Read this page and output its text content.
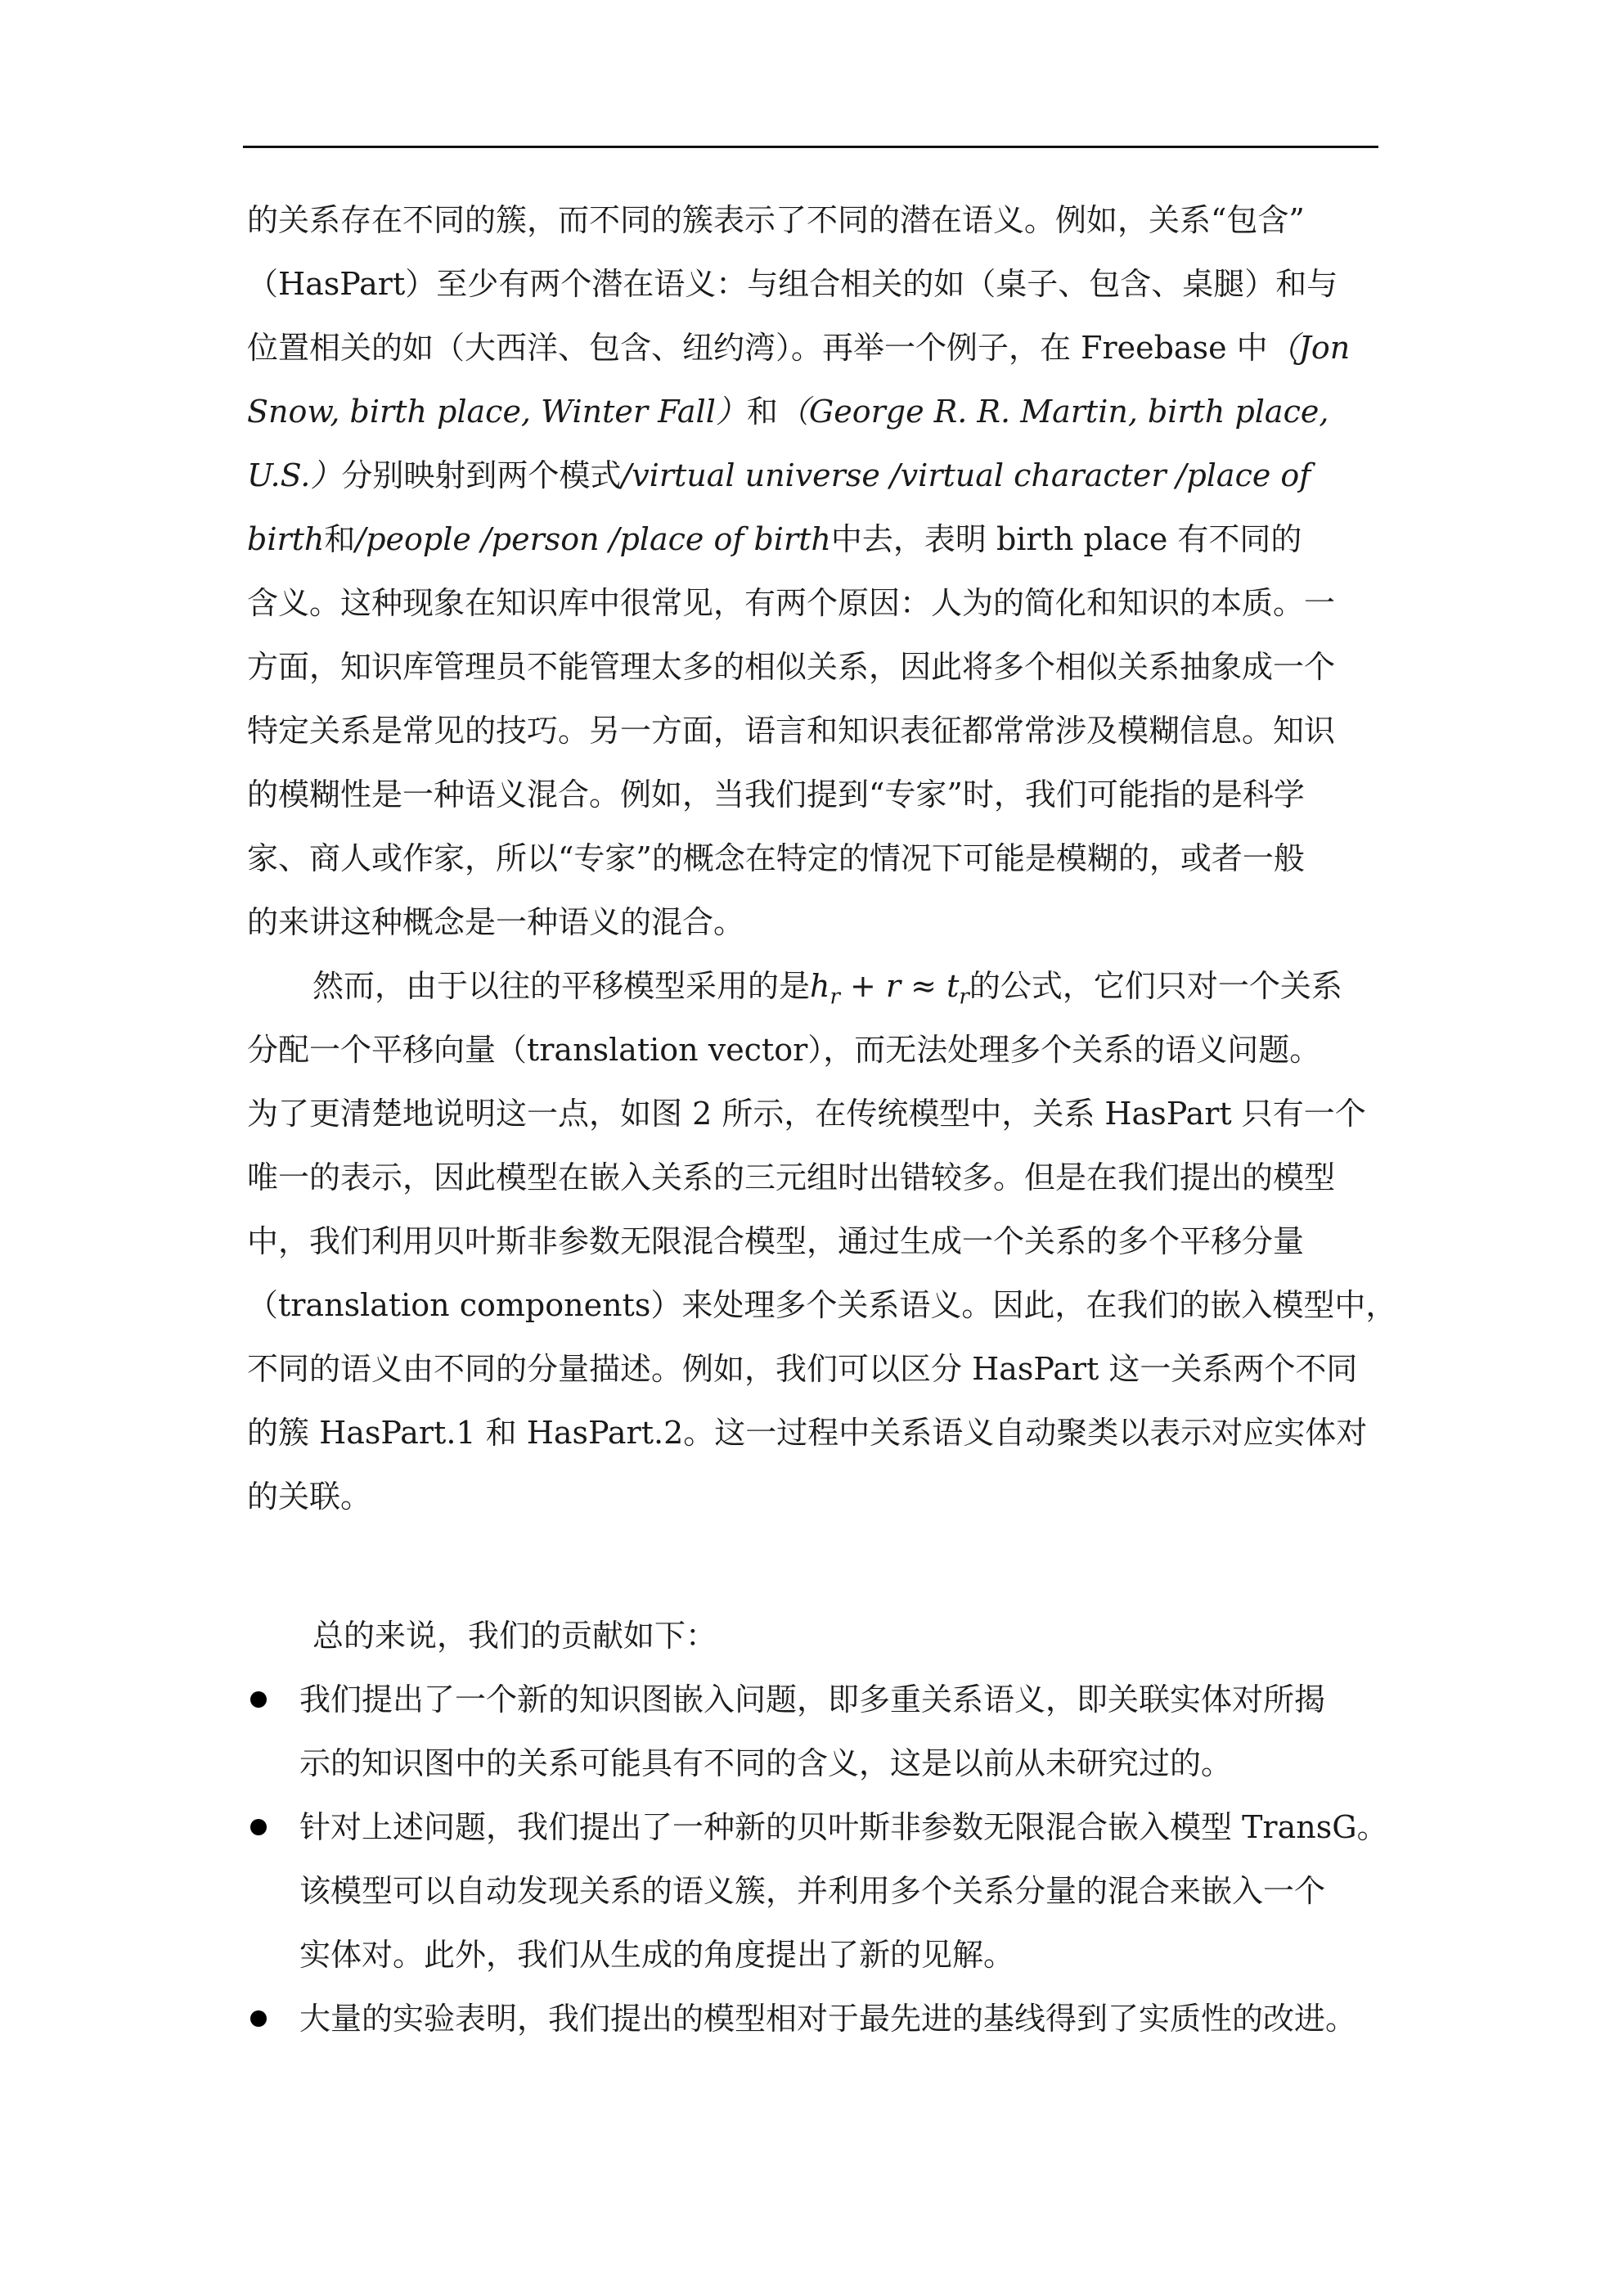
的关系存在不同的簇，而不同的簇表示了不同的潜在语义。例如，关系“包含”
（HasPart）至少有两个潜在语义：与组合相关的如（桌子、包含、桌腿）和与
位置相关的如（大西洋、包含、纽约湾）。再举一个例子，在 Freebase 中（Jon
Snow, birth place, Winter Fall）和（George R. R. Martin, birth place,
U.S.）分别映射到两个模式/virtual universe /virtual character /place of
birth和/people /person /place of birth中去，表明 birth place 有不同的
含义。这种现象在知识库中很常见，有两个原因：人为的简化和知识的本质。一
方面，知识库管理员不能管理太多的相似关系，因此将多个相似关系抽象成一个
特定关系是常见的技巧。另一方面，语言和知识表征都常常涉及模糊信息。知识
的模糊性是一种语义混合。例如，当我们提到“专家”时，我们可能指的是科学
家、商人或作家，所以“专家”的概念在特定的情况下可能是模糊的，或者一般
的来讲这种概念是一种语义的混合。
然而，由于以往的平移模型采用的是$h_r + r \approx t_r$的公式，它们只对一个关系
分配一个平移向量（translation vector），而无法处理多个关系的语义问题。
为了更清楚地说明这一点，如图 2 所示，在传统模型中，关系 HasPart 只有一个
唯一的表示，因此模型在嵌入关系的三元组时出错较多。但是在我们提出的模型
中，我们利用贝叶斯非参数无限混合模型，通过生成一个关系的多个平移分量
（translation components）来处理多个关系语义。因此，在我们的嵌入模型中，
不同的语义由不同的分量描述。例如，我们可以区分 HasPart 这一关系两个不同
的簇 HasPart.1 和 HasPart.2。这一过程中关系语义自动聚类以表示对应实体对
的关联。
总的来说，我们的贡献如下：
我们提出了一个新的知识图嵌入问题，即多重关系语义，即关联实体对所揭
示的知识图中的关系可能具有不同的含义，这是以前从未研究过的。
针对上述问题，我们提出了一种新的贝叶斯非参数无限混合嵌入模型 TransG。
该模型可以自动发现关系的语义簇，并利用多个关系分量的混合来嵌入一个
实体对。此外，我们从生成的角度提出了新的见解。
大量的实验表明，我们提出的模型相对于最先进的基线得到了实质性的改进。
